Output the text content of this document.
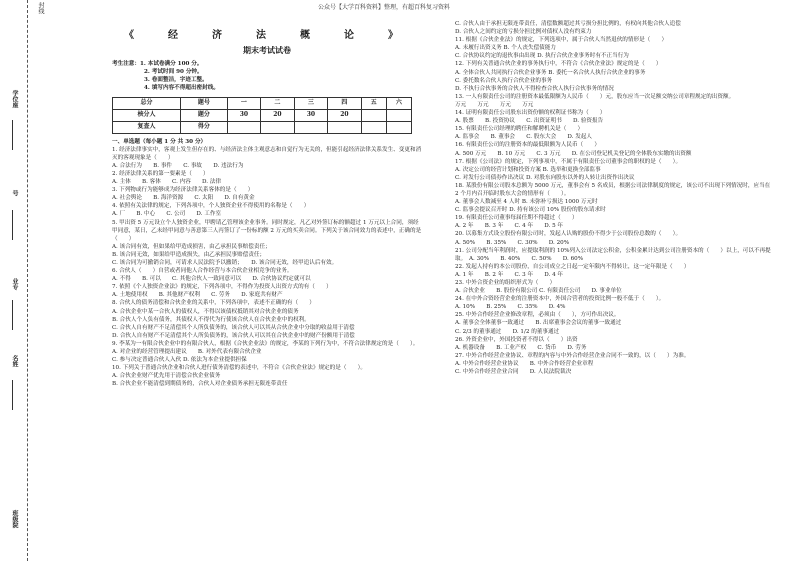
公众号【大学百科资料】整理，有超百科复习资料
封线
学位座
号
业专
名姓
班级院
《　经　济　法　概　论　》
期末考试试卷
考生注意：1. 本试卷满分 100 分。
2. 考试时间 90 分钟。
3. 卷面整洁，字迹工整。
4. 填写内容不得超出密封线。
总分	题号	一	二	三	四	五	六
核分人	题分	30	20	30	20		
复查人	得分						
一、单选题（每小题 1 分 共 30 分）
1. 经济法律事实中，客观上发生但存在的、与经济法主体主观意志和自觉行为无关的，但能引起经济法律关系发生、变更和消灭的客观现象是（　　）
A. 合法行为　　B. 事件　　C. 事故　　D. 违法行为
2. 经济法律关系的第一要素是（　　）
A. 主体　　B. 客体　　C. 内容　　D. 法律
3. 下列物或行为能够成为经济法律关系客体的是（　　）
A. 社会舆论　　B. 海洋资源　　C. 太阳　　D. 自有黄金
4. 依照有关法律的规定，下列各项中，个人独资企业不得使用的名称是（　　）
A. 厂　　B. 中心　　C. 公司　　D. 工作室
5. 甲出资 5 万元设立个人独资企业，甲聘请乙管理该企业事务。同时规定，凡乙对外签订标的额超过 1 万元以上合同，须经甲同意，某日，乙未经甲同意与善意第三人丙签订了一份标的额 2 万元的买卖合同。下列关于该合同效力的表述中，正确的是（　　）
A. 该合同有效，但如果给甲造成损害，由乙承担民事赔偿责任；
B. 该合同无效，如果给甲造成损失，由乙承担民事赔偿责任；
C. 该合同为可撤销合同，可请求人民法院予以撤销；　　D. 该合同无效，经甲追认后有效。
6. 合伙人（　　）自营或者同他人合作经营与本合伙企业相竞争的业务。
A. 不得　　B. 可以　　C. 其他合伙人一致同意可以　　D. 合伙协议约定就可以
7. 依照《个人独资企业法》的规定，下列各项中，不得作为投资人出资方式的有（　　）
A. 土地使用权　　B. 其他财产权利　　C. 劳务　　D. 家庭共有财产
8. 合伙人的债务清偿和合伙企业的关系中，下列各项中，表述不正确的有（　　）
A. 合伙企业中某一合伙人的债权人，不得以该债权抵销其对合伙企业的债务
B. 合伙人个人负有债务，其债权人不得代为行使该合伙人在合伙企业中的权利。
C. 合伙人自有财产不足清偿其个人所负债务的，该合伙人可以其从合伙企业中分取的收益用于清偿
D. 合伙人自有财产不足清偿其个人所负债务的，该合伙人可以其在合伙企业中的财产份额用于清偿
9. 李某为一有限合伙企业中的有限合伙人，根据《合伙企业法》的规定，李某的下列行为中，不符合法律规定的是（　　）。
A. 对企业的经营管理提出建议　　B. 对外代表有限合伙企业
C. 参与决定普通合伙人入伙 D. 依法为本企业提供担保
10. 下列关于普通合伙企业和合伙人进行债务清偿的表述中，不符合《合伙企业法》规定的是（　　）。
A. 合伙企业财产优先用于清偿合伙企业债务
B. 合伙企业不能清偿到期债务的，合伙人对企业债务承担无限连带责任
C. 合伙人由于承担无限连带责任，清偿数额超过其亏损分担比例的，有权向其他合伙人追偿
D. 合伙人之间约定的亏损分担比例对债权人没有约束力
11. 根据《合伙企业法》的规定，下列选项中，属于合伙人当然退伙的情形是（　　）
A. 未履行出资义务 B. 个人丧失偿债能力
C. 合伙协议约定的退伙事由出现 D. 执行合伙企业事务时有不正当行为
12. 下列有关普通合伙企业的事务执行中，不符合《合伙企业法》规定的是（　　）
A. 全体合伙人共同执行合伙企业事务 B. 委托一名合伙人执行合伙企业的事务
C. 委托数名合伙人执行合伙企业的事务
D. 不执行合伙事务的合伙人不得检查合伙人执行合伙事务的情况
13. 一人有限责任公司的注册资本最低限额为人民币（　　）元，股东应当一次足额交纳公司章程规定的出资额。
万元　　万元　　万元　　万元
14. 证明有限责任公司股东出资份额的权利证书称为（　　）
A. 股票　　B. 投资协议　　C. 出资证明书　　D. 验资报告
15. 有限责任公司经理的聘任和解聘机关是（　　）
A. 监事会　　B. 董事会　　C. 股东大会　　D. 发起人
16. 有限责任公司的注册资本的最低限额为人民币（　　）
A. 500 万元　　B. 10 万元　　C. 3 万元　　D. 在公司登记机关登记的全体股东实缴的出资额
17. 根据《公司法》的规定，下列事项中，不属于有限责任公司董事会的职权的是（　　）。
A. 决定公司的经营计划和投资方案 B. 选举和更换全部监事
C. 对发行公司债券作出决议 D. 对股东向股东以外的人转让出资作出决议
18. 某股份有限公司股本总额为 5000 万元，董事会有 5 名成员，根据公司法律制度的规定，该公司不出现下列情况时，应当在 2 个月内召开临时股东大会的情形有（　　）。
A. 董事会人数减至 4 人时 B. 未弥补亏损达 1000 万元时
C. 监事会提议召开时 D. 持有该公司 10% 股份的股东请求时
19. 有限责任公司董事每届任期不得超过（　　）
A. 2 年　　B. 3 年　　C. 4 年　　D. 5 年
20. 以募集方式设立股份有限公司时，发起人认购的股份不得少于公司股份总数的（　　）。
A. 50%　　B. 35%　　C. 30%　　D. 20%
21. 公司分配当年利润时，应提取利润的 10%列入公司法定公积金，公积金累计达到公司注册资本的（　　）以上，可以不再提取。　A. 30%　　B. 40%　　C. 50%　　D. 60%
22. 发起人持有的本公司股份，自公司成立之日起一定年限内不得转让，这一定年限是（　　）
A. 1 年　　B. 2 年　　C. 3 年　　D. 4 年
23. 中外合资企业的组织形式为（　　）
A. 合伙企业　　B. 股份有限公司 C. 有限责任公司　　D. 事业单位
24. 在中外合资经营企业的注册资本中，外国合营者的投资比例一般不低于（　　）。
A. 10%　　B. 25%　　C. 35%　　D. 4%
25. 中外合作经营企业修改章程，必须由（　　），方可作出决议。
A. 董事会全体董事一致通过　　B. 出席董事会会议的董事一致通过
C. 2/3 的董事通过　　D. 1/2 的董事通过
26. 外资企业中，外国投资者不得以（　　）出资
A. 机器设备　　B. 工业产权　　C. 货币　　D. 劳务
27. 中外合作经营企业协议、章程的内容与中外合作经营企业合同不一致的，以（　　）为准。
A. 中外合作经营企业协议　　B. 中外合作经营企业章程
C. 中外合作经营企业合同　　D. 人民法院裁决
